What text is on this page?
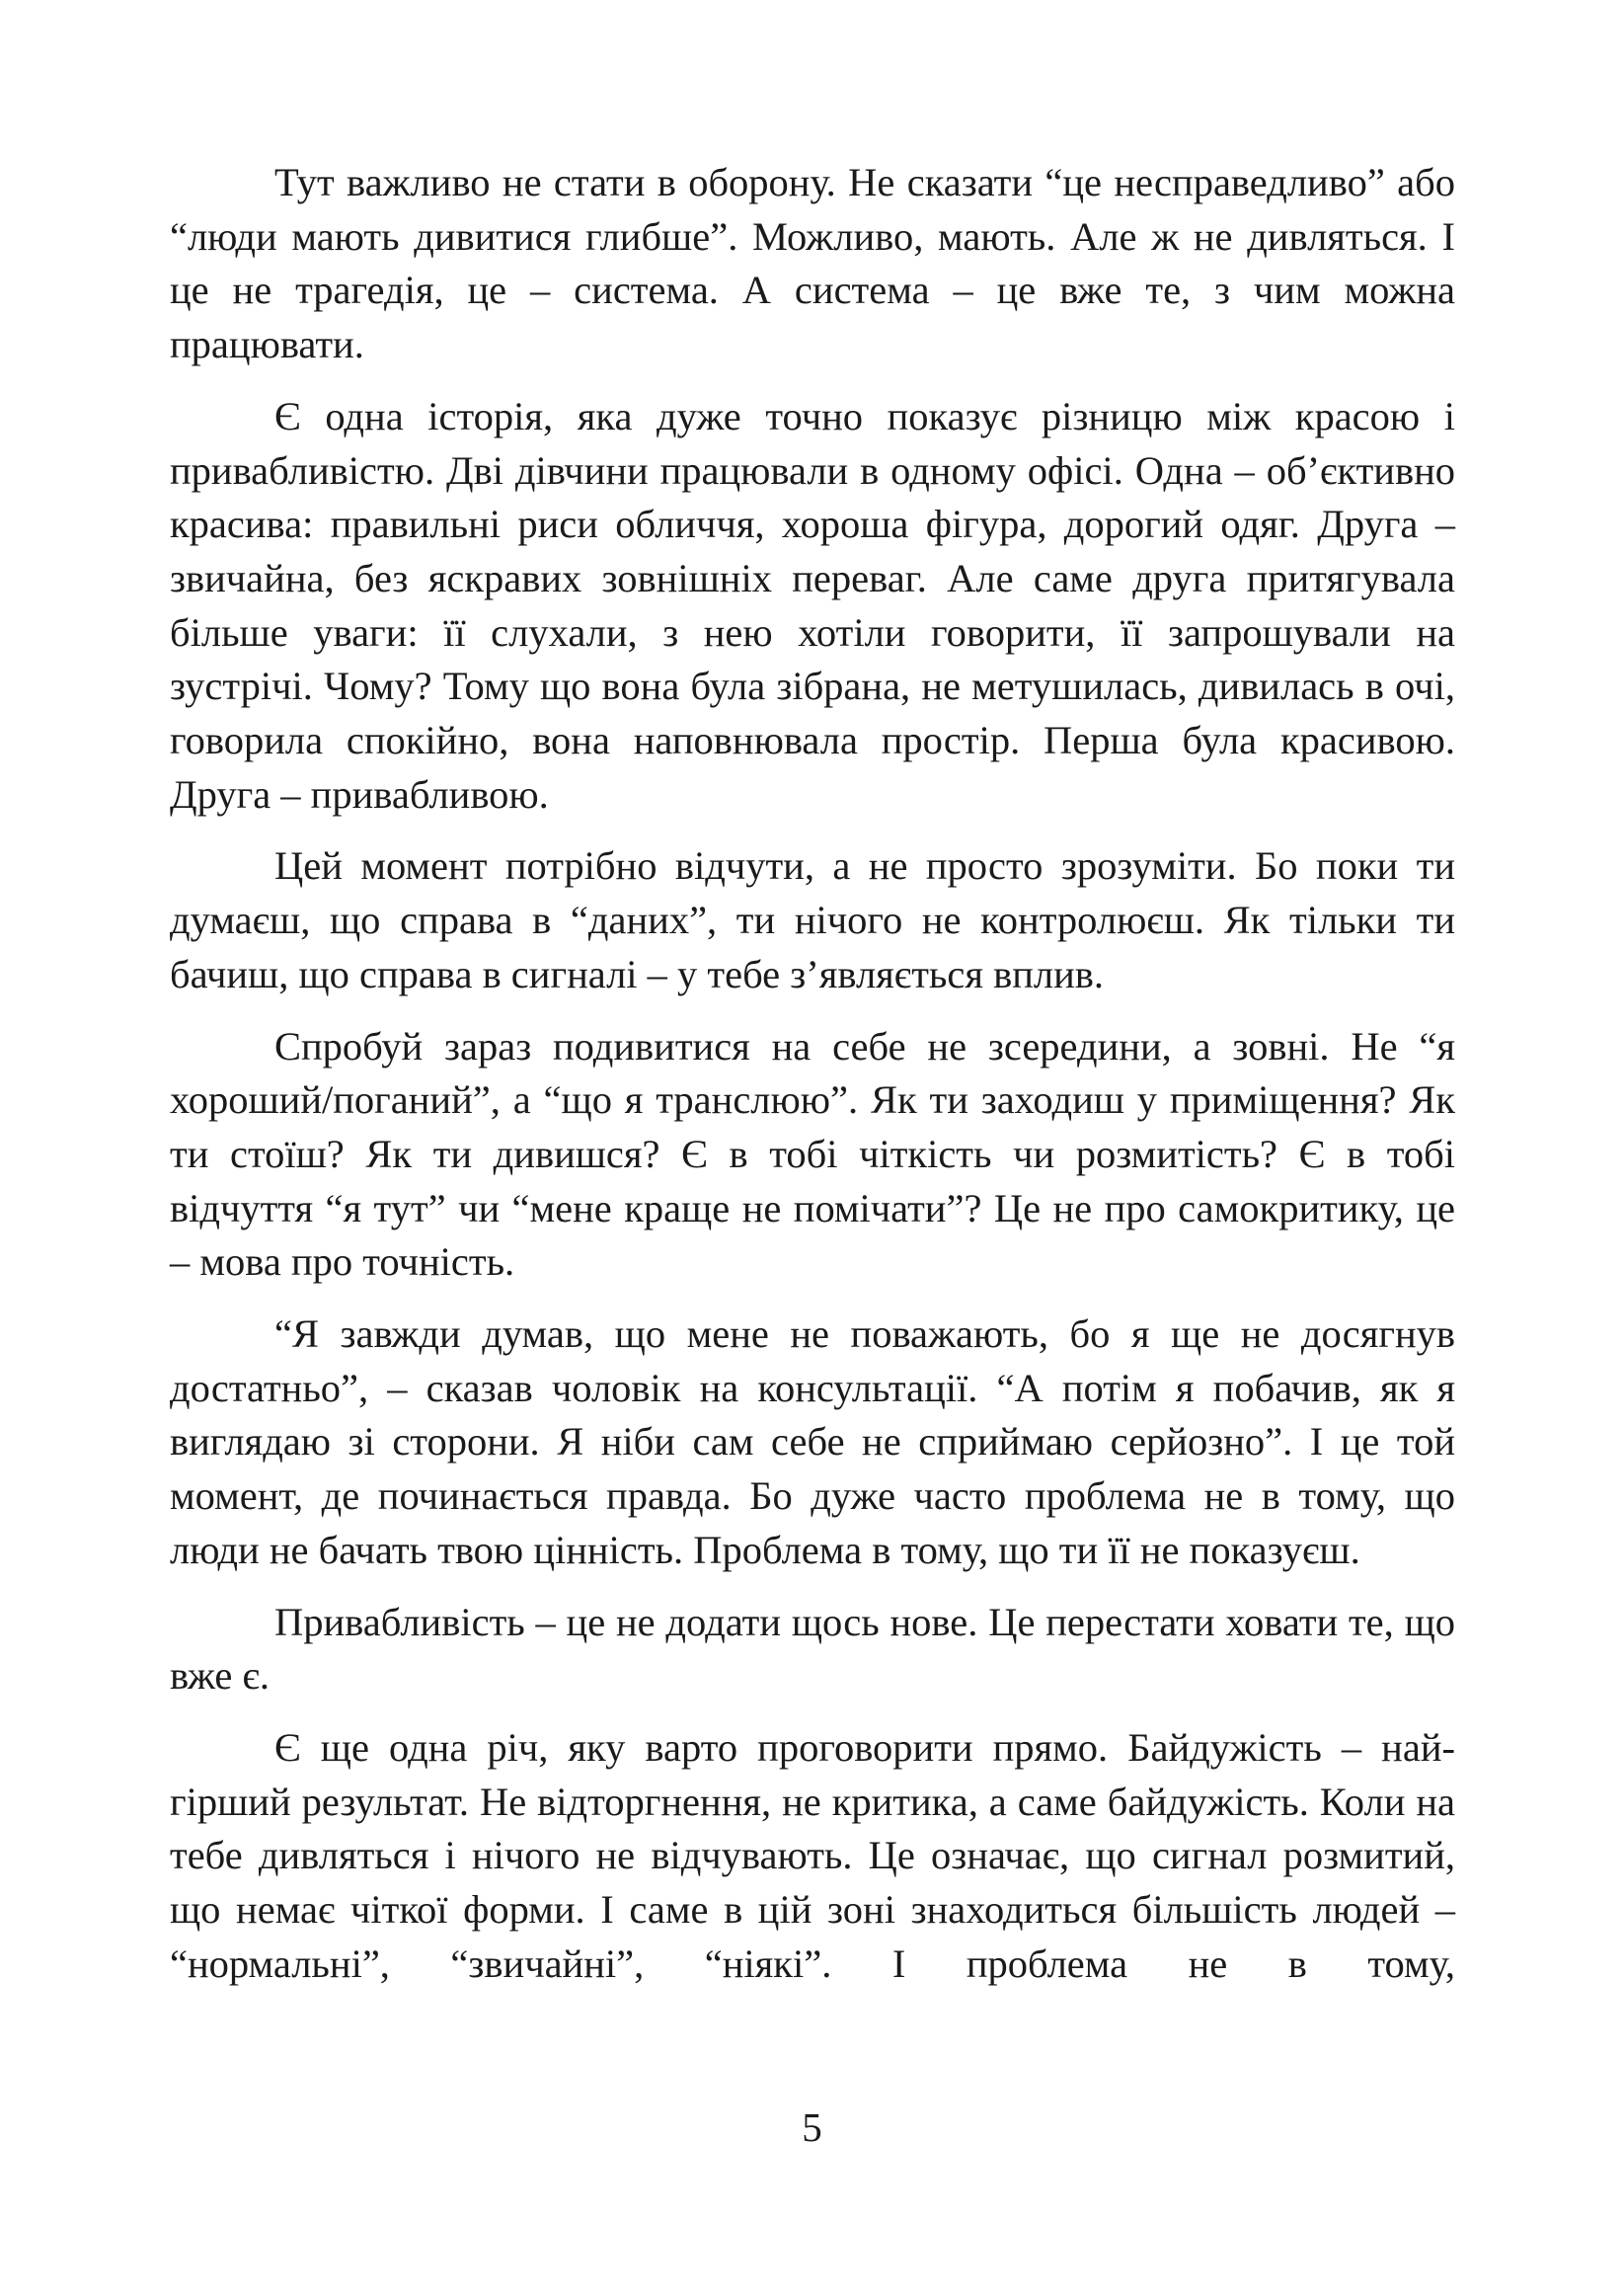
Тут важливо не стати в оборону. Не сказати “це несправедливо” або “люди мають дивитися глибше”. Можливо, мають. Але ж не дивляться. І це не трагедія, це – система. А система – це вже те, з чим можна працювати.

Є одна історія, яка дуже точно показує різницю між красою і привабливістю. Дві дівчини працювали в одному офісі. Одна – об’єктивно красива: правильні риси обличчя, хороша фігура, дорогий одяг. Друга – звичайна, без яскравих зовнішніх переваг. Але саме друга притягувала більше уваги: її слухали, з нею хотіли говорити, її запрошували на зустрічі. Чому? Тому що вона була зібрана, не метушилась, дивилась в очі, говорила спокійно, вона наповнювала простір. Перша була красивою. Друга – привабливою.

Цей момент потрібно відчути, а не просто зрозуміти. Бо поки ти думаєш, що справа в “даних”, ти нічого не контролюєш. Як тільки ти бачиш, що справа в сигналі – у тебе з’являється вплив.

Спробуй зараз подивитися на себе не зсередини, а зовні. Не “я хороший/поганий”, а “що я транслюю”. Як ти заходиш у приміщення? Як ти стоїш? Як ти дивишся? Є в тобі чіткість чи розмитість? Є в тобі відчуття “я тут” чи “мене краще не помічати”? Це не про самокритику, це – мова про точність.

“Я завжди думав, що мене не поважають, бо я ще не досягнув достатньо”, – сказав чоловік на консультації. “А потім я побачив, як я виглядаю зі сторони. Я ніби сам себе не сприймаю серйозно”. І це той момент, де починається правда. Бо дуже часто проблема не в тому, що люди не бачать твою цінність. Проблема в тому, що ти її не показуєш.

Привабливість – це не додати щось нове. Це перестати ховати те, що вже є.

Є ще одна річ, яку варто проговорити прямо. Байдужість – найгірший результат. Не відторгнення, не критика, а саме байдужість. Коли на тебе дивляться і нічого не відчувають. Це означає, що сигнал розмитий, що немає чіткої форми. І саме в цій зоні знаходиться більшість людей – “нормальні”, “звичайні”, “ніякі”. І проблема не в тому,

5
